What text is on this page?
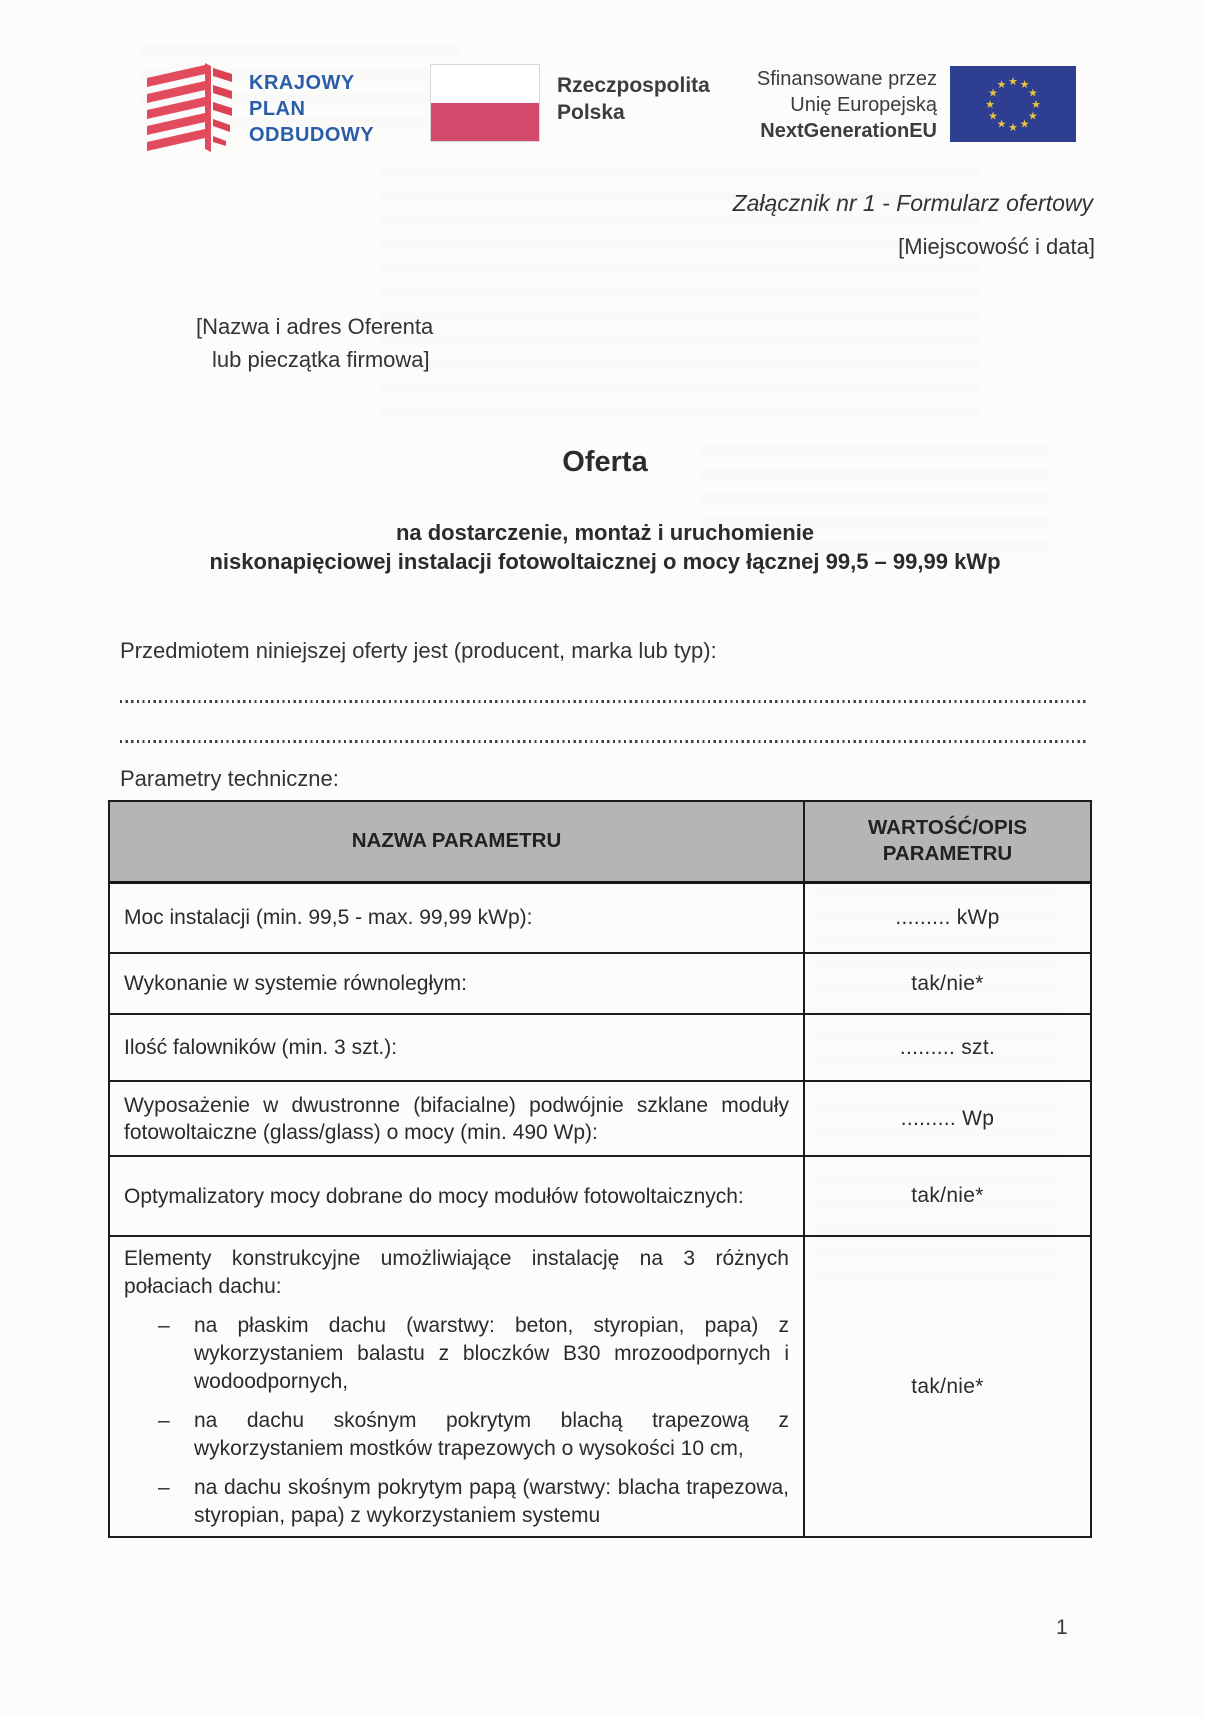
KRAJOWY
PLAN
ODBUDOWY
Rzeczpospolita
Polska
Sfinansowane przez
Unię Europejską
NextGenerationEU
★ ★
★
★
★
★
★
★
★
★
★
★
Załącznik nr 1 - Formularz ofertowy
[Miejscowość i data]
[Nazwa i adres Oferenta
lub pieczątka firmowa]
Oferta
na dostarczenie, montaż i uruchomienie
niskonapięciowej instalacji fotowoltaicznej o mocy łącznej 99,5 – 99,99 kWp
Przedmiotem niniejszej oferty jest (producent, marka lub typ):
Parametry techniczne:
NAZWA PARAMETRU	WARTOŚĆ/OPIS PARAMETRU
Moc instalacji (min. 99,5 - max. 99,99 kWp):	......... kWp
Wykonanie w systemie równoległym:	tak/nie*
Ilość falowników (min. 3 szt.):	......... szt.
Wyposażenie w dwustronne (bifacialne) podwójnie szklane moduły fotowoltaiczne (glass/glass) o mocy (min. 490 Wp):	......... Wp
Optymalizatory mocy dobrane do mocy modułów fotowoltaicznych:	tak/nie*

Elementy konstrukcyjne umożliwiające instalację na 3 różnych połaciach dachu:
–	na płaskim dachu (warstwy: beton, styropian, papa) z wykorzystaniem balastu z bloczków B30 mrozoodpornych i wodoodpornych,
–	na dachu skośnym pokrytym blachą trapezową z wykorzystaniem mostków trapezowych o wysokości 10 cm,
–	na dachu skośnym pokrytym papą (warstwy: blacha trapezowa, styropian, papa) z wykorzystaniem systemu
	tak/nie*
1
